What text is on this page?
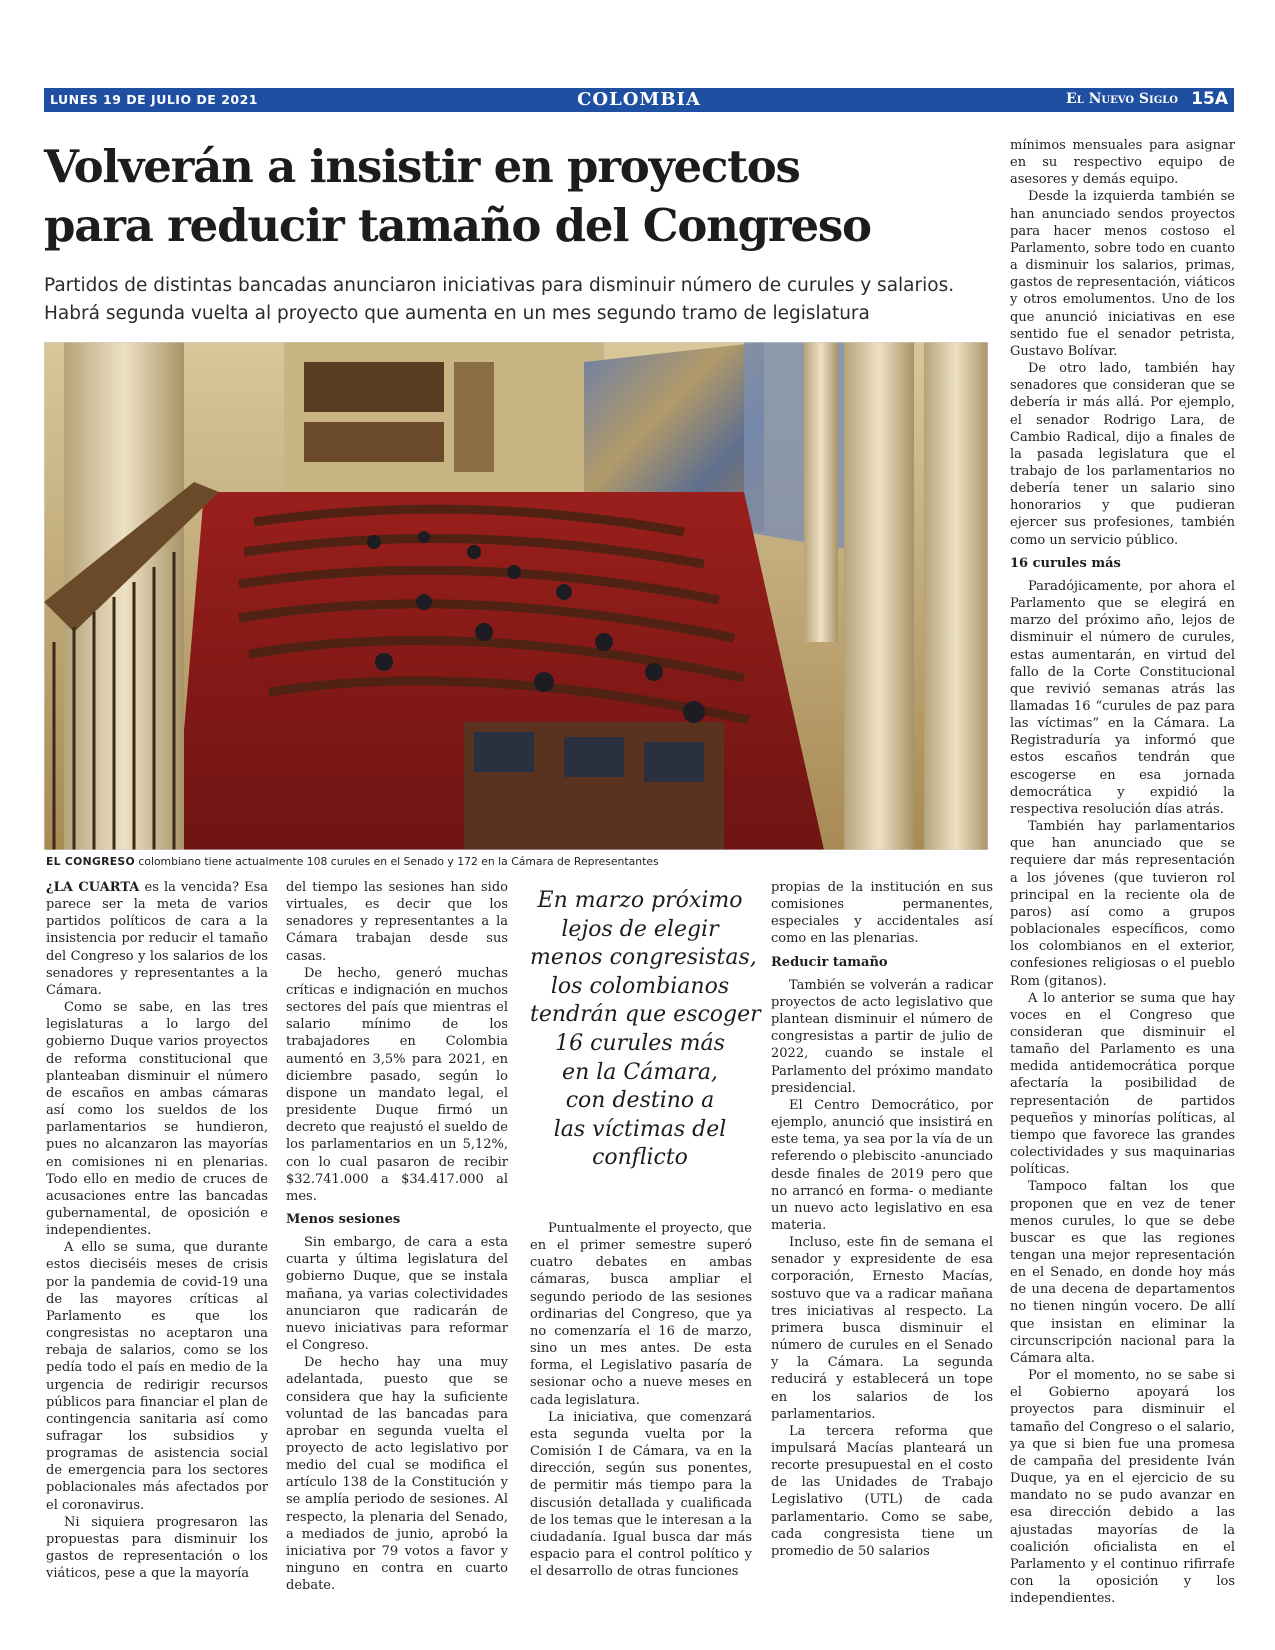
LUNES 19 DE JULIO DE 2021	COLOMBIA	El Nuevo Siglo 15A
Volverán a insistir en proyectos
para reducir tamaño del Congreso
Partidos de distintas bancadas anunciaron iniciativas para disminuir número de curules y salarios.
Habrá segunda vuelta al proyecto que aumenta en un mes segundo tramo de legislatura
EL CONGRESO colombiano tiene actualmente 108 curules en el Senado y 172 en la Cámara de Representantes

¿LA CUARTA es la vencida? Esa parece ser la meta de varios partidos políticos de cara a la insistencia por reducir el tamaño del Congreso y los salarios de los senadores y representantes a la Cámara.

Como se sabe, en las tres legislaturas a lo largo del gobierno Duque varios proyectos de reforma constitucional que planteaban disminuir el número de escaños en ambas cámaras así como los sueldos de los parlamentarios se hundieron, pues no alcanzaron las mayorías en comisiones ni en plenarias. Todo ello en medio de cruces de acusaciones entre las bancadas gubernamental, de oposición e independientes.

A ello se suma, que durante estos dieciséis meses de crisis por la pandemia de covid-19 una de las mayores críticas al Parlamento es que los congresistas no aceptaron una rebaja de salarios, como se los pedía todo el país en medio de la urgencia de redirigir recursos públicos para financiar el plan de contingencia sanitaria así como sufragar los subsidios y programas de asistencia social de emergencia para los sectores poblacionales más afectados por el coronavirus.

Ni siquiera progresaron las propuestas para disminuir los gastos de representación o los viáticos, pese a que la mayoría

del tiempo las sesiones han sido virtuales, es decir que los senadores y representantes a la Cámara trabajan desde sus casas.

De hecho, generó muchas críticas e indignación en muchos sectores del país que mientras el salario mínimo de los trabajadores en Colombia aumentó en 3,5% para 2021, en diciembre pasado, según lo dispone un mandato legal, el presidente Duque firmó un decreto que reajustó el sueldo de los parlamentarios en un 5,12%, con lo cual pasaron de recibir $32.741.000 a $34.417.000 al mes.

Menos sesiones

Sin embargo, de cara a esta cuarta y última legislatura del gobierno Duque, que se instala mañana, ya varias colectividades anunciaron que radicarán de nuevo iniciativas para reformar el Congreso.

De hecho hay una muy adelantada, puesto que se considera que hay la suficiente voluntad de las bancadas para aprobar en segunda vuelta el proyecto de acto legislativo por medio del cual se modifica el artículo 138 de la Constitución y se amplía periodo de sesiones. Al respecto, la plenaria del Senado, a mediados de junio, aprobó la iniciativa por 79 votos a favor y ninguno en contra en cuarto debate.

En marzo próximo
lejos de elegir
menos congresistas,
los colombianos
tendrán que escoger
16 curules más
en la Cámara,
con destino a
las víctimas del
conflicto

Puntualmente el proyecto, que en el primer semestre superó cuatro debates en ambas cámaras, busca ampliar el segundo periodo de las sesiones ordinarias del Congreso, que ya no comenzaría el 16 de marzo, sino un mes antes. De esta forma, el Legislativo pasaría de sesionar ocho a nueve meses en cada legislatura.

La iniciativa, que comenzará esta segunda vuelta por la Comisión I de Cámara, va en la dirección, según sus ponentes, de permitir más tiempo para la discusión detallada y cualificada de los temas que le interesan a la ciudadanía. Igual busca dar más espacio para el control político y el desarrollo de otras funciones

propias de la institución en sus comisiones permanentes, especiales y accidentales así como en las plenarias.

Reducir tamaño

También se volverán a radicar proyectos de acto legislativo que plantean disminuir el número de congresistas a partir de julio de 2022, cuando se instale el Parlamento del próximo mandato presidencial.

El Centro Democrático, por ejemplo, anunció que insistirá en este tema, ya sea por la vía de un referendo o plebiscito -anunciado desde finales de 2019 pero que no arrancó en forma- o mediante un nuevo acto legislativo en esa materia.

Incluso, este fin de semana el senador y expresidente de esa corporación, Ernesto Macías, sostuvo que va a radicar mañana tres iniciativas al respecto. La primera busca disminuir el número de curules en el Senado y la Cámara. La segunda reducirá y establecerá un tope en los salarios de los parlamentarios.

La tercera reforma que impulsará Macías planteará un recorte presupuestal en el costo de las Unidades de Trabajo Legislativo (UTL) de cada parlamentario. Como se sabe, cada congresista tiene un promedio de 50 salarios

mínimos mensuales para asignar en su respectivo equipo de asesores y demás equipo.

Desde la izquierda también se han anunciado sendos proyectos para hacer menos costoso el Parlamento, sobre todo en cuanto a disminuir los salarios, primas, gastos de representación, viáticos y otros emolumentos. Uno de los que anunció iniciativas en ese sentido fue el senador petrista, Gustavo Bolívar.

De otro lado, también hay senadores que consideran que se debería ir más allá. Por ejemplo, el senador Rodrigo Lara, de Cambio Radical, dijo a finales de la pasada legislatura que el trabajo de los parlamentarios no debería tener un salario sino honorarios y que pudieran ejercer sus profesiones, también como un servicio público.

16 curules más

Paradójicamente, por ahora el Parlamento que se elegirá en marzo del próximo año, lejos de disminuir el número de curules, estas aumentarán, en virtud del fallo de la Corte Constitucional que revivió semanas atrás las llamadas 16 “curules de paz para las víctimas” en la Cámara. La Registraduría ya informó que estos escaños tendrán que escogerse en esa jornada democrática y expidió la respectiva resolución días atrás.

También hay parlamentarios que han anunciado que se requiere dar más representación a los jóvenes (que tuvieron rol principal en la reciente ola de paros) así como a grupos poblacionales específicos, como los colombianos en el exterior, confesiones religiosas o el pueblo Rom (gitanos).

A lo anterior se suma que hay voces en el Congreso que consideran que disminuir el tamaño del Parlamento es una medida antidemocrática porque afectaría la posibilidad de representación de partidos pequeños y minorías políticas, al tiempo que favorece las grandes colectividades y sus maquinarias políticas.

Tampoco faltan los que proponen que en vez de tener menos curules, lo que se debe buscar es que las regiones tengan una mejor representación en el Senado, en donde hoy más de una decena de departamentos no tienen ningún vocero. De allí que insistan en eliminar la circunscripción nacional para la Cámara alta.

Por el momento, no se sabe si el Gobierno apoyará los proyectos para disminuir el tamaño del Congreso o el salario, ya que si bien fue una promesa de campaña del presidente Iván Duque, ya en el ejercicio de su mandato no se pudo avanzar en esa dirección debido a las ajustadas mayorías de la coalición oficialista en el Parlamento y el continuo rifirrafe con la oposición y los independientes.
